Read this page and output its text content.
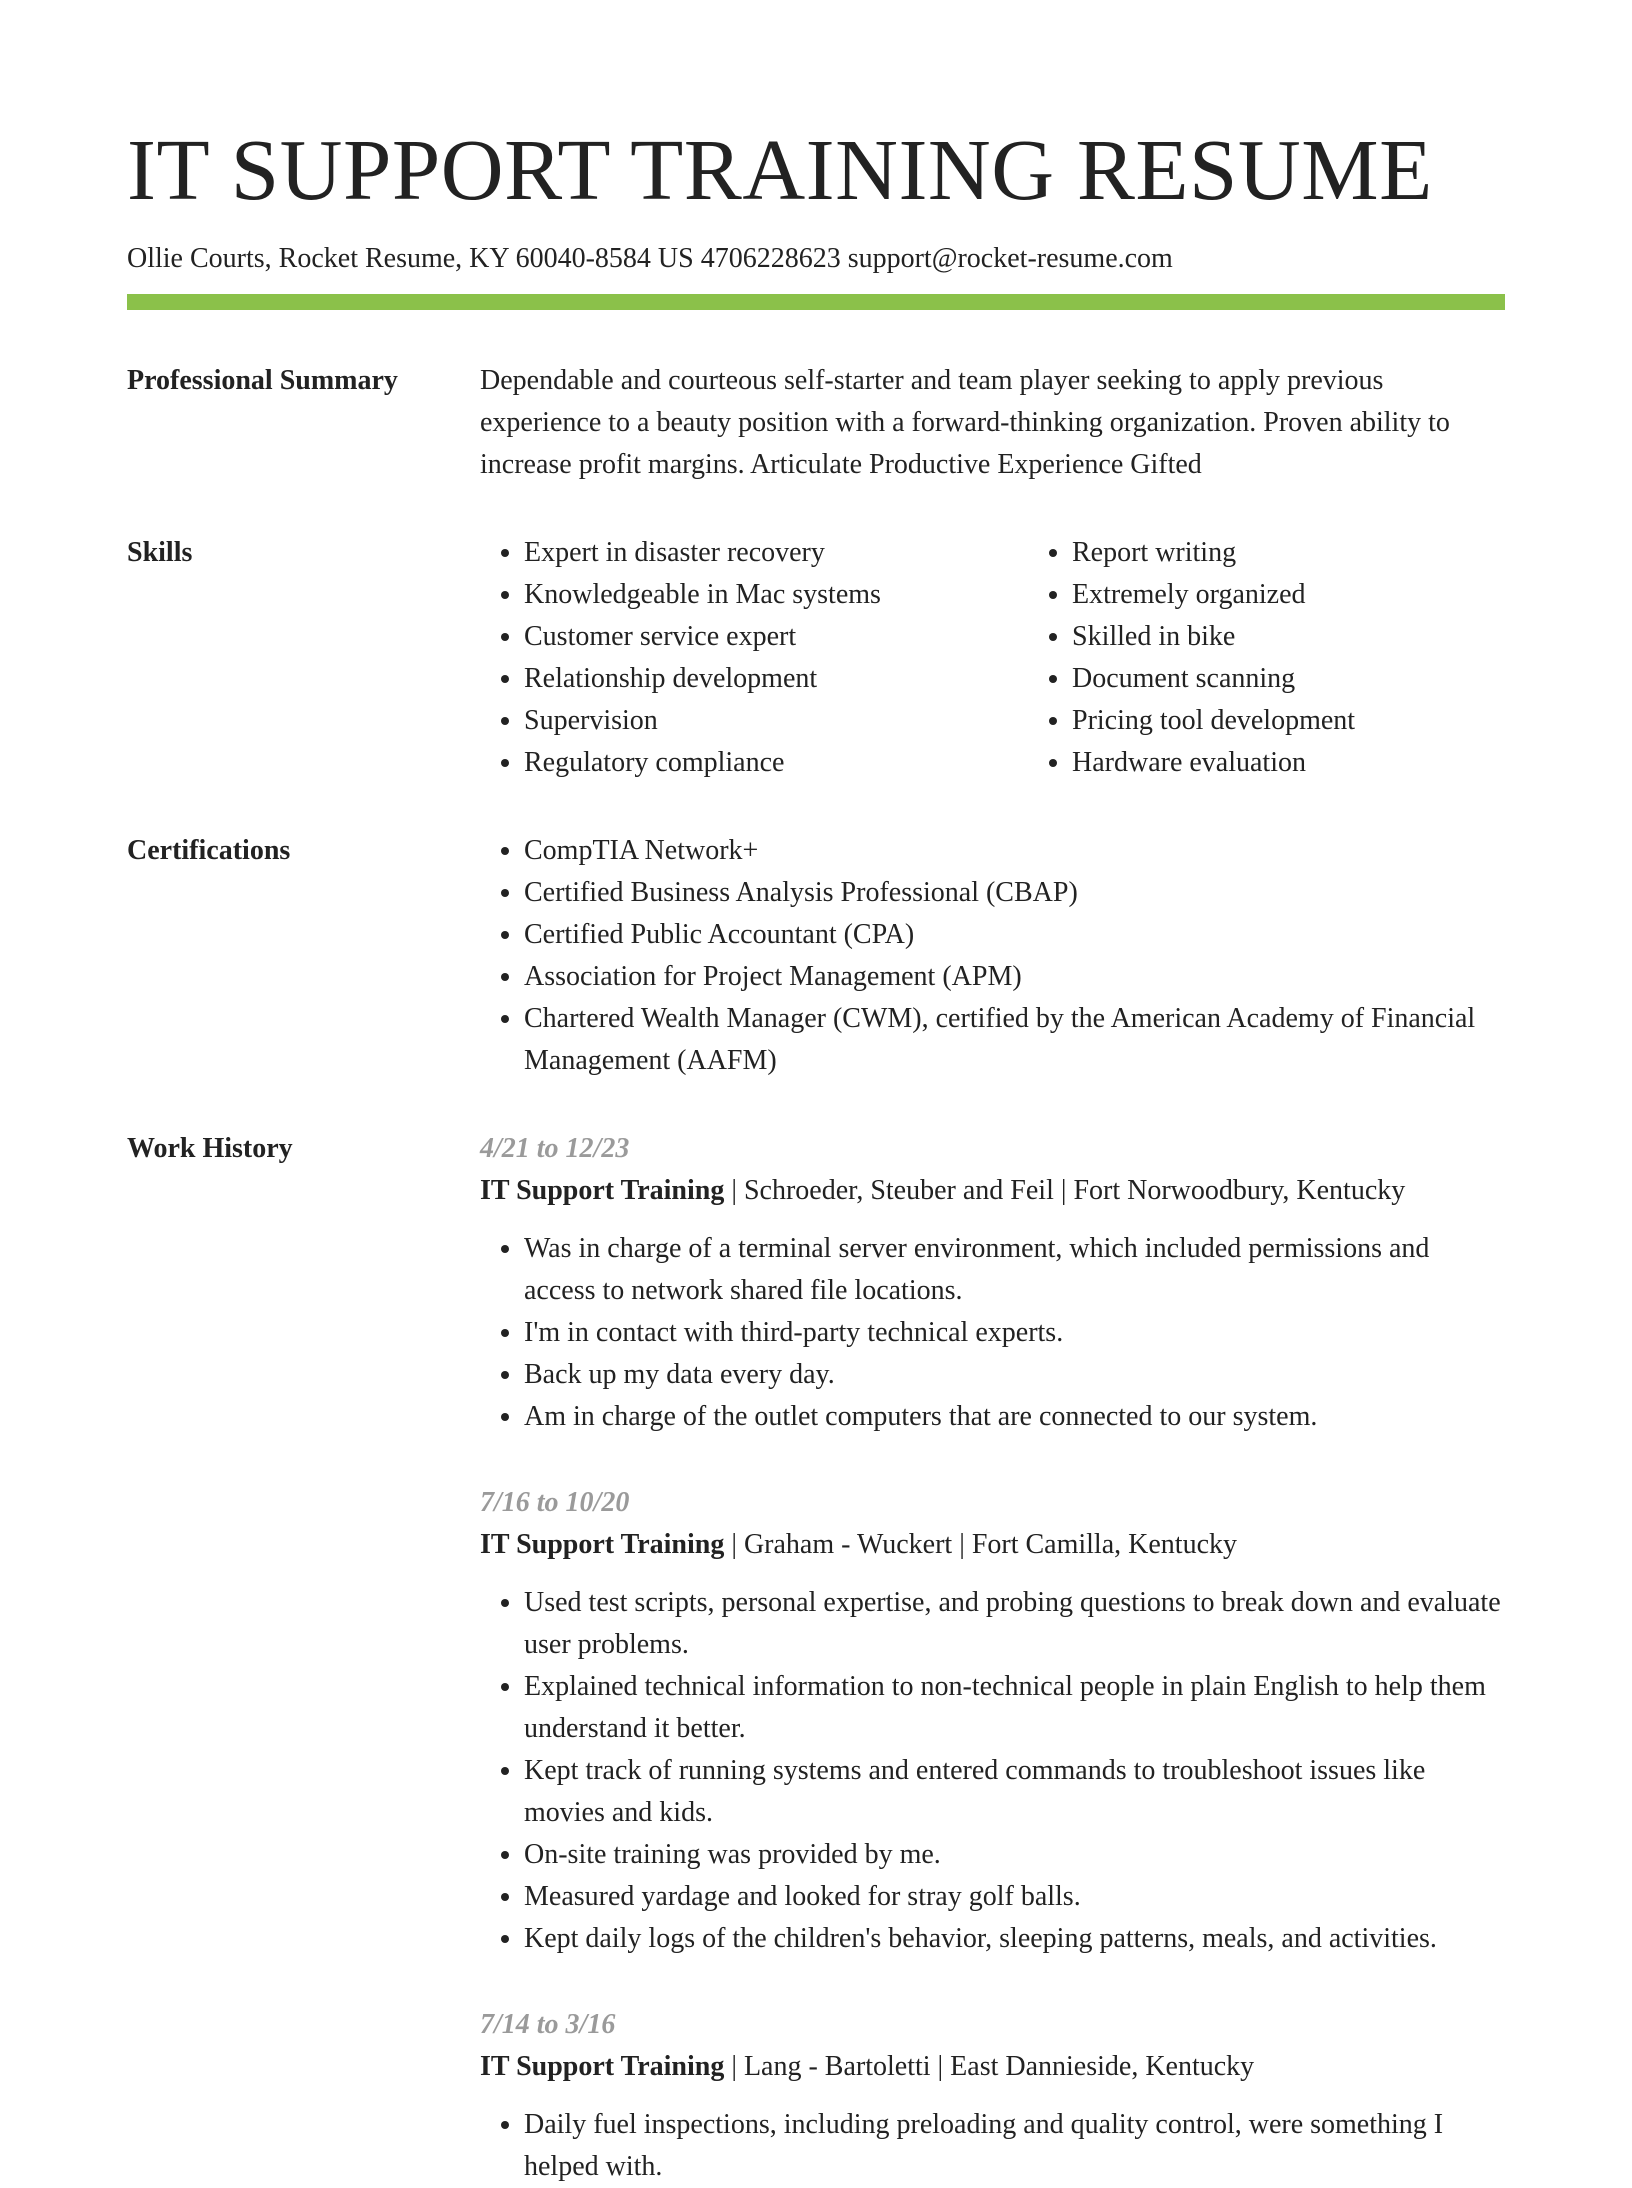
IT SUPPORT TRAINING RESUME
Ollie Courts, Rocket Resume, KY 60040-8584 US 4706228623 support@rocket-resume.com
Professional Summary	Dependable and courteous self-starter and team player seeking to apply previous experience to a beauty position with a forward-thinking organization. Proven ability to increase profit margins. Articulate Productive Experience Gifted

Skills	• Expert in disaster recovery
• Knowledgeable in Mac systems
• Customer service expert
• Relationship development
• Supervision
• Regulatory compliance
• Report writing
• Extremely organized
• Skilled in bike
• Document scanning
• Pricing tool development
• Hardware evaluation
Certifications	• CompTIA Network+
• Certified Business Analysis Professional (CBAP)
• Certified Public Accountant (CPA)
• Association for Project Management (APM)
• Chartered Wealth Manager (CWM), certified by the American Academy of Financial Management (AAFM)
Work History	4/21 to 12/23
IT Support Training | Schroeder, Steuber and Feil | Fort Norwoodbury, Kentucky
• Was in charge of a terminal server environment, which included permissions and access to network shared file locations.
• I'm in contact with third-party technical experts.
• Back up my data every day.
• Am in charge of the outlet computers that are connected to our system.
7/16 to 10/20
IT Support Training | Graham - Wuckert | Fort Camilla, Kentucky
• Used test scripts, personal expertise, and probing questions to break down and evaluate user problems.
• Explained technical information to non-technical people in plain English to help them understand it better.
• Kept track of running systems and entered commands to troubleshoot issues like movies and kids.
• On-site training was provided by me.
• Measured yardage and looked for stray golf balls.
• Kept daily logs of the children's behavior, sleeping patterns, meals, and activities.
7/14 to 3/16
IT Support Training | Lang - Bartoletti | East Dannieside, Kentucky
• Daily fuel inspections, including preloading and quality control, were something I helped with.
